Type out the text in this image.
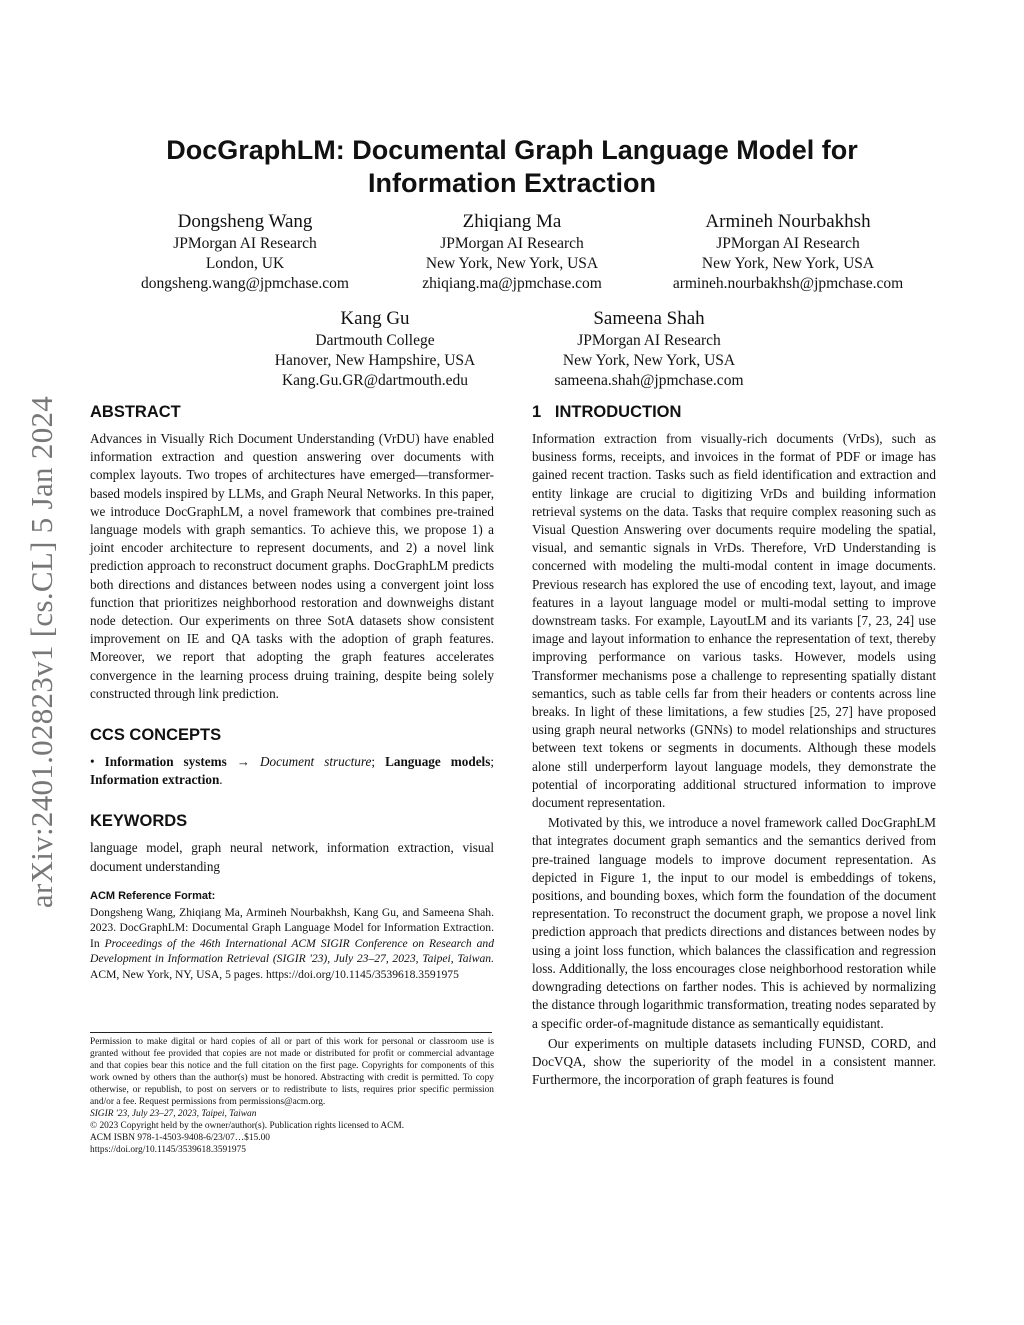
arXiv:2401.02823v1 [cs.CL] 5 Jan 2024
DocGraphLM: Documental Graph Language Model for
Information Extraction
Dongsheng Wang
JPMorgan AI Research
London, UK
dongsheng.wang@jpmchase.com
Zhiqiang Ma
JPMorgan AI Research
New York, New York, USA
zhiqiang.ma@jpmchase.com
Armineh Nourbakhsh
JPMorgan AI Research
New York, New York, USA
armineh.nourbakhsh@jpmchase.com
Kang Gu
Dartmouth College
Hanover, New Hampshire, USA
Kang.Gu.GR@dartmouth.edu
Sameena Shah
JPMorgan AI Research
New York, New York, USA
sameena.shah@jpmchase.com
ABSTRACT

Advances in Visually Rich Document Understanding (VrDU) have enabled information extraction and question answering over documents with complex layouts. Two tropes of architectures have emerged—transformer-based models inspired by LLMs, and Graph Neural Networks. In this paper, we introduce DocGraphLM, a novel framework that combines pre-trained language models with graph semantics. To achieve this, we propose 1) a joint encoder architecture to represent documents, and 2) a novel link prediction approach to reconstruct document graphs. DocGraphLM predicts both directions and distances between nodes using a convergent joint loss function that prioritizes neighborhood restoration and downweighs distant node detection. Our experiments on three SotA datasets show consistent improvement on IE and QA tasks with the adoption of graph features. Moreover, we report that adopting the graph features accelerates convergence in the learning process druing training, despite being solely constructed through link prediction.

CCS CONCEPTS

• Information systems → Document structure; Language models; Information extraction.

KEYWORDS

language model, graph neural network, information extraction, visual document understanding

ACM Reference Format:

Dongsheng Wang, Zhiqiang Ma, Armineh Nourbakhsh, Kang Gu, and Sameena Shah. 2023. DocGraphLM: Documental Graph Language Model for Information Extraction. In Proceedings of the 46th International ACM SIGIR Conference on Research and Development in Information Retrieval (SIGIR '23), July 23–27, 2023, Taipei, Taiwan. ACM, New York, NY, USA, 5 pages. https://doi.org/10.1145/3539618.3591975

Permission to make digital or hard copies of all or part of this work for personal or classroom use is granted without fee provided that copies are not made or distributed for profit or commercial advantage and that copies bear this notice and the full citation on the first page. Copyrights for components of this work owned by others than the author(s) must be honored. Abstracting with credit is permitted. To copy otherwise, or republish, to post on servers or to redistribute to lists, requires prior specific permission and/or a fee. Request permissions from permissions@acm.org.

SIGIR '23, July 23–27, 2023, Taipei, Taiwan

© 2023 Copyright held by the owner/author(s). Publication rights licensed to ACM.

ACM ISBN 978-1-4503-9408-6/23/07…$15.00

https://doi.org/10.1145/3539618.3591975

1   INTRODUCTION

Information extraction from visually-rich documents (VrDs), such as business forms, receipts, and invoices in the format of PDF or image has gained recent traction. Tasks such as field identification and extraction and entity linkage are crucial to digitizing VrDs and building information retrieval systems on the data. Tasks that require complex reasoning such as Visual Question Answering over documents require modeling the spatial, visual, and semantic signals in VrDs. Therefore, VrD Understanding is concerned with modeling the multi-modal content in image documents. Previous research has explored the use of encoding text, layout, and image features in a layout language model or multi-modal setting to improve downstream tasks. For example, LayoutLM and its variants [7, 23, 24] use image and layout information to enhance the representation of text, thereby improving performance on various tasks. However, models using Transformer mechanisms pose a challenge to representing spatially distant semantics, such as table cells far from their headers or contents across line breaks. In light of these limitations, a few studies [25, 27] have proposed using graph neural networks (GNNs) to model relationships and structures between text tokens or segments in documents. Although these models alone still underperform layout language models, they demonstrate the potential of incorporating additional structured information to improve document representation.

Motivated by this, we introduce a novel framework called DocGraphLM that integrates document graph semantics and the semantics derived from pre-trained language models to improve document representation. As depicted in Figure 1, the input to our model is embeddings of tokens, positions, and bounding boxes, which form the foundation of the document representation. To reconstruct the document graph, we propose a novel link prediction approach that predicts directions and distances between nodes by using a joint loss function, which balances the classification and regression loss. Additionally, the loss encourages close neighborhood restoration while downgrading detections on farther nodes. This is achieved by normalizing the distance through logarithmic transformation, treating nodes separated by a specific order-of-magnitude distance as semantically equidistant.

Our experiments on multiple datasets including FUNSD, CORD, and DocVQA, show the superiority of the model in a consistent manner. Furthermore, the incorporation of graph features is found
